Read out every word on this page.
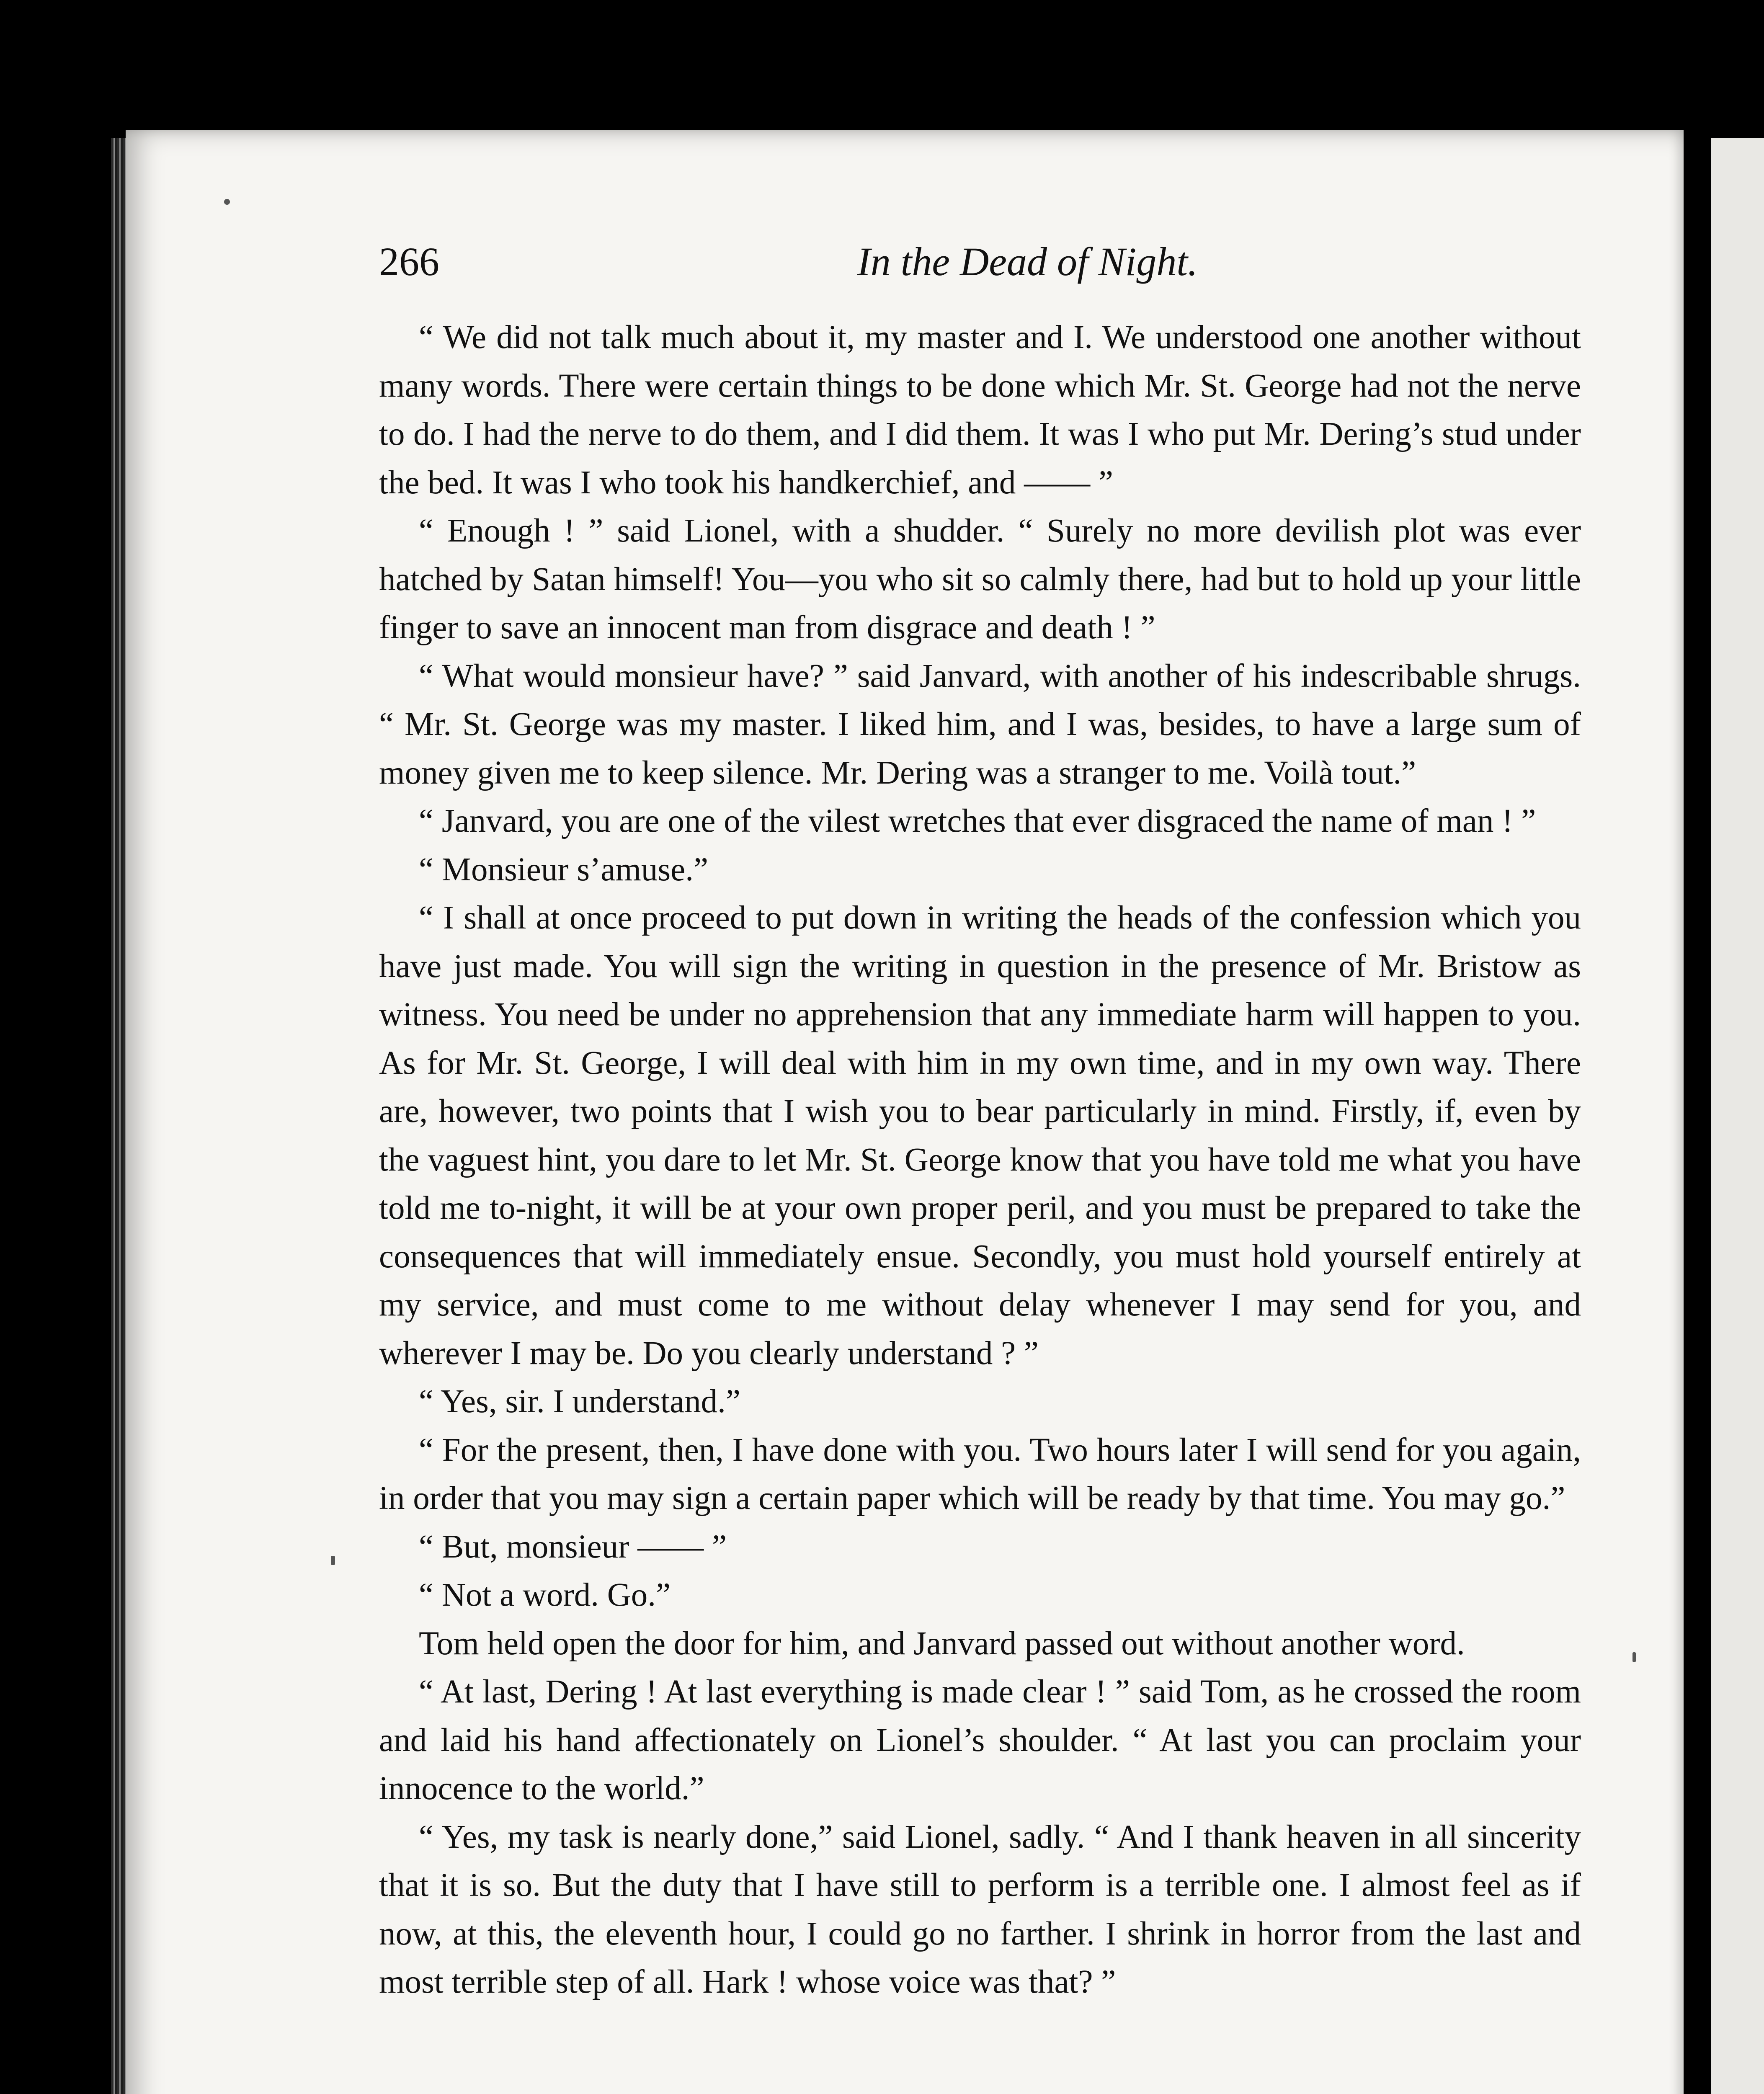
266	In the Dead of Night.

“ We did not talk much about it, my master and I. We understood one another without many words. There were certain things to be done which Mr. St. George had not the nerve to do. I had the nerve to do them, and I did them. It was I who put Mr. Dering’s stud under the bed. It was I who took his handkerchief, and —— ”

“ Enough ! ” said Lionel, with a shudder. “ Surely no more devilish plot was ever hatched by Satan himself! You—you who sit so calmly there, had but to hold up your little finger to save an innocent man from disgrace and death ! ”

“ What would monsieur have? ” said Janvard, with another of his indescribable shrugs. “ Mr. St. George was my master. I liked him, and I was, besides, to have a large sum of money given me to keep silence. Mr. Dering was a stranger to me. Voilà tout.”

“ Janvard, you are one of the vilest wretches that ever disgraced the name of man ! ”

“ Monsieur s’amuse.”

“ I shall at once proceed to put down in writing the heads of the confession which you have just made. You will sign the writing in question in the presence of Mr. Bristow as witness. You need be under no apprehension that any immediate harm will happen to you. As for Mr. St. George, I will deal with him in my own time, and in my own way. There are, however, two points that I wish you to bear particularly in mind. Firstly, if, even by the vaguest hint, you dare to let Mr. St. George know that you have told me what you have told me to-night, it will be at your own proper peril, and you must be prepared to take the consequences that will immediately ensue. Secondly, you must hold yourself entirely at my service, and must come to me without delay whenever I may send for you, and wherever I may be. Do you clearly understand ? ”

“ Yes, sir. I understand.”

“ For the present, then, I have done with you. Two hours later I will send for you again, in order that you may sign a certain paper which will be ready by that time. You may go.”

“ But, monsieur —— ”

“ Not a word. Go.”

Tom held open the door for him, and Janvard passed out without another word.

“ At last, Dering ! At last everything is made clear ! ” said Tom, as he crossed the room and laid his hand affectionately on Lionel’s shoulder. “ At last you can proclaim your innocence to the world.”

“ Yes, my task is nearly done,” said Lionel, sadly. “ And I thank heaven in all sincerity that it is so. But the duty that I have still to perform is a terrible one. I almost feel as if now, at this, the eleventh hour, I could go no farther. I shrink in horror from the last and most terrible step of all. Hark ! whose voice was that? ”
